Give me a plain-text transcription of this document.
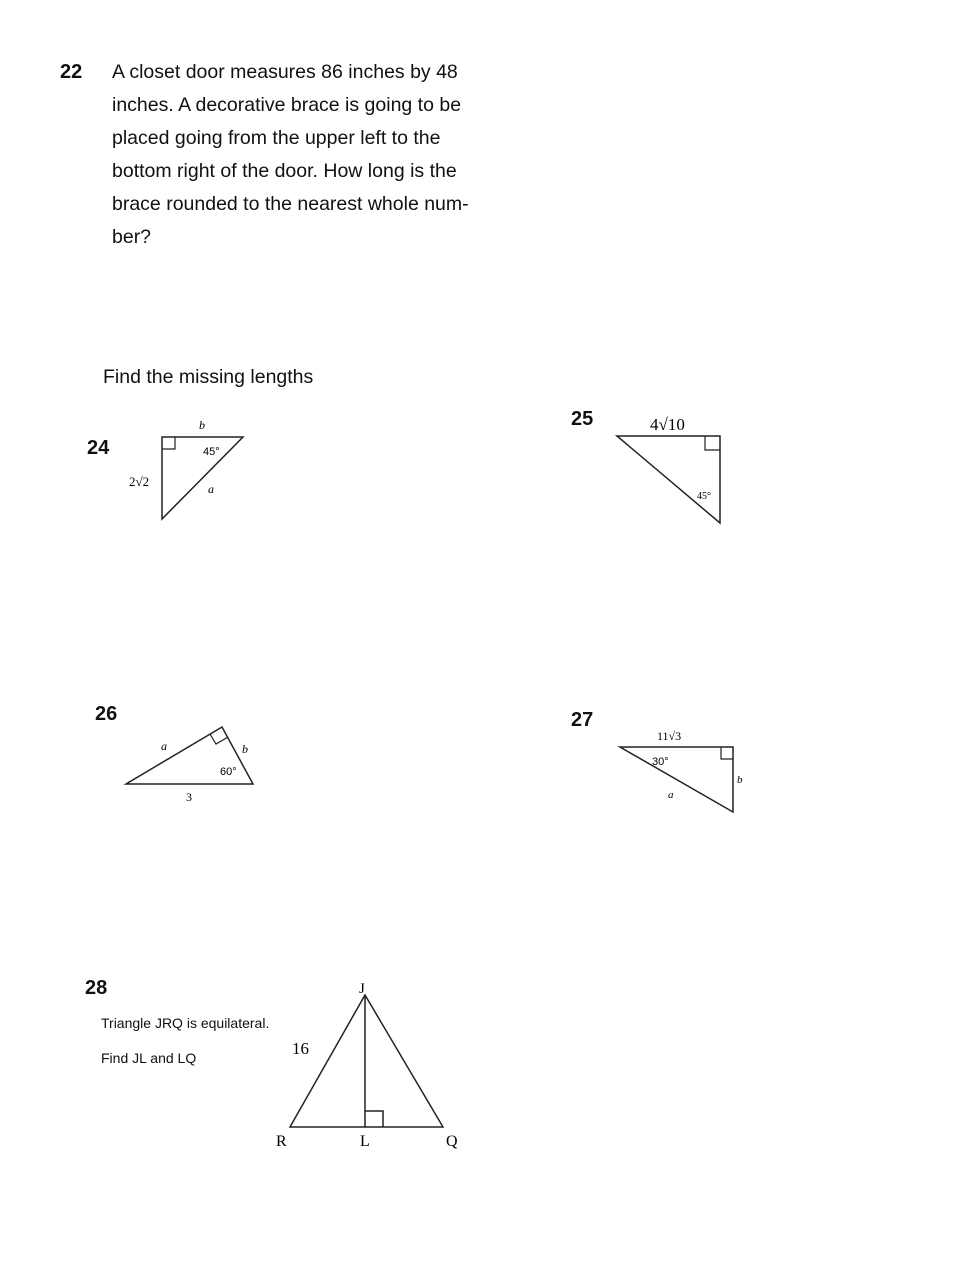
22 A closet door measures 86 inches by 48
inches. A decorative brace is going to be
placed going from the upper left to the
bottom right of the door. How long is the
brace rounded to the nearest whole num-
ber?
Find the missing lengths
24
b
2√2
45°
a
25	4√10
45°
26
a	b
60°
3
27
11√3
30°
b
a
28
Triangle JRQ is equilateral.
Find JL and LQ
J
R	L	Q
16
